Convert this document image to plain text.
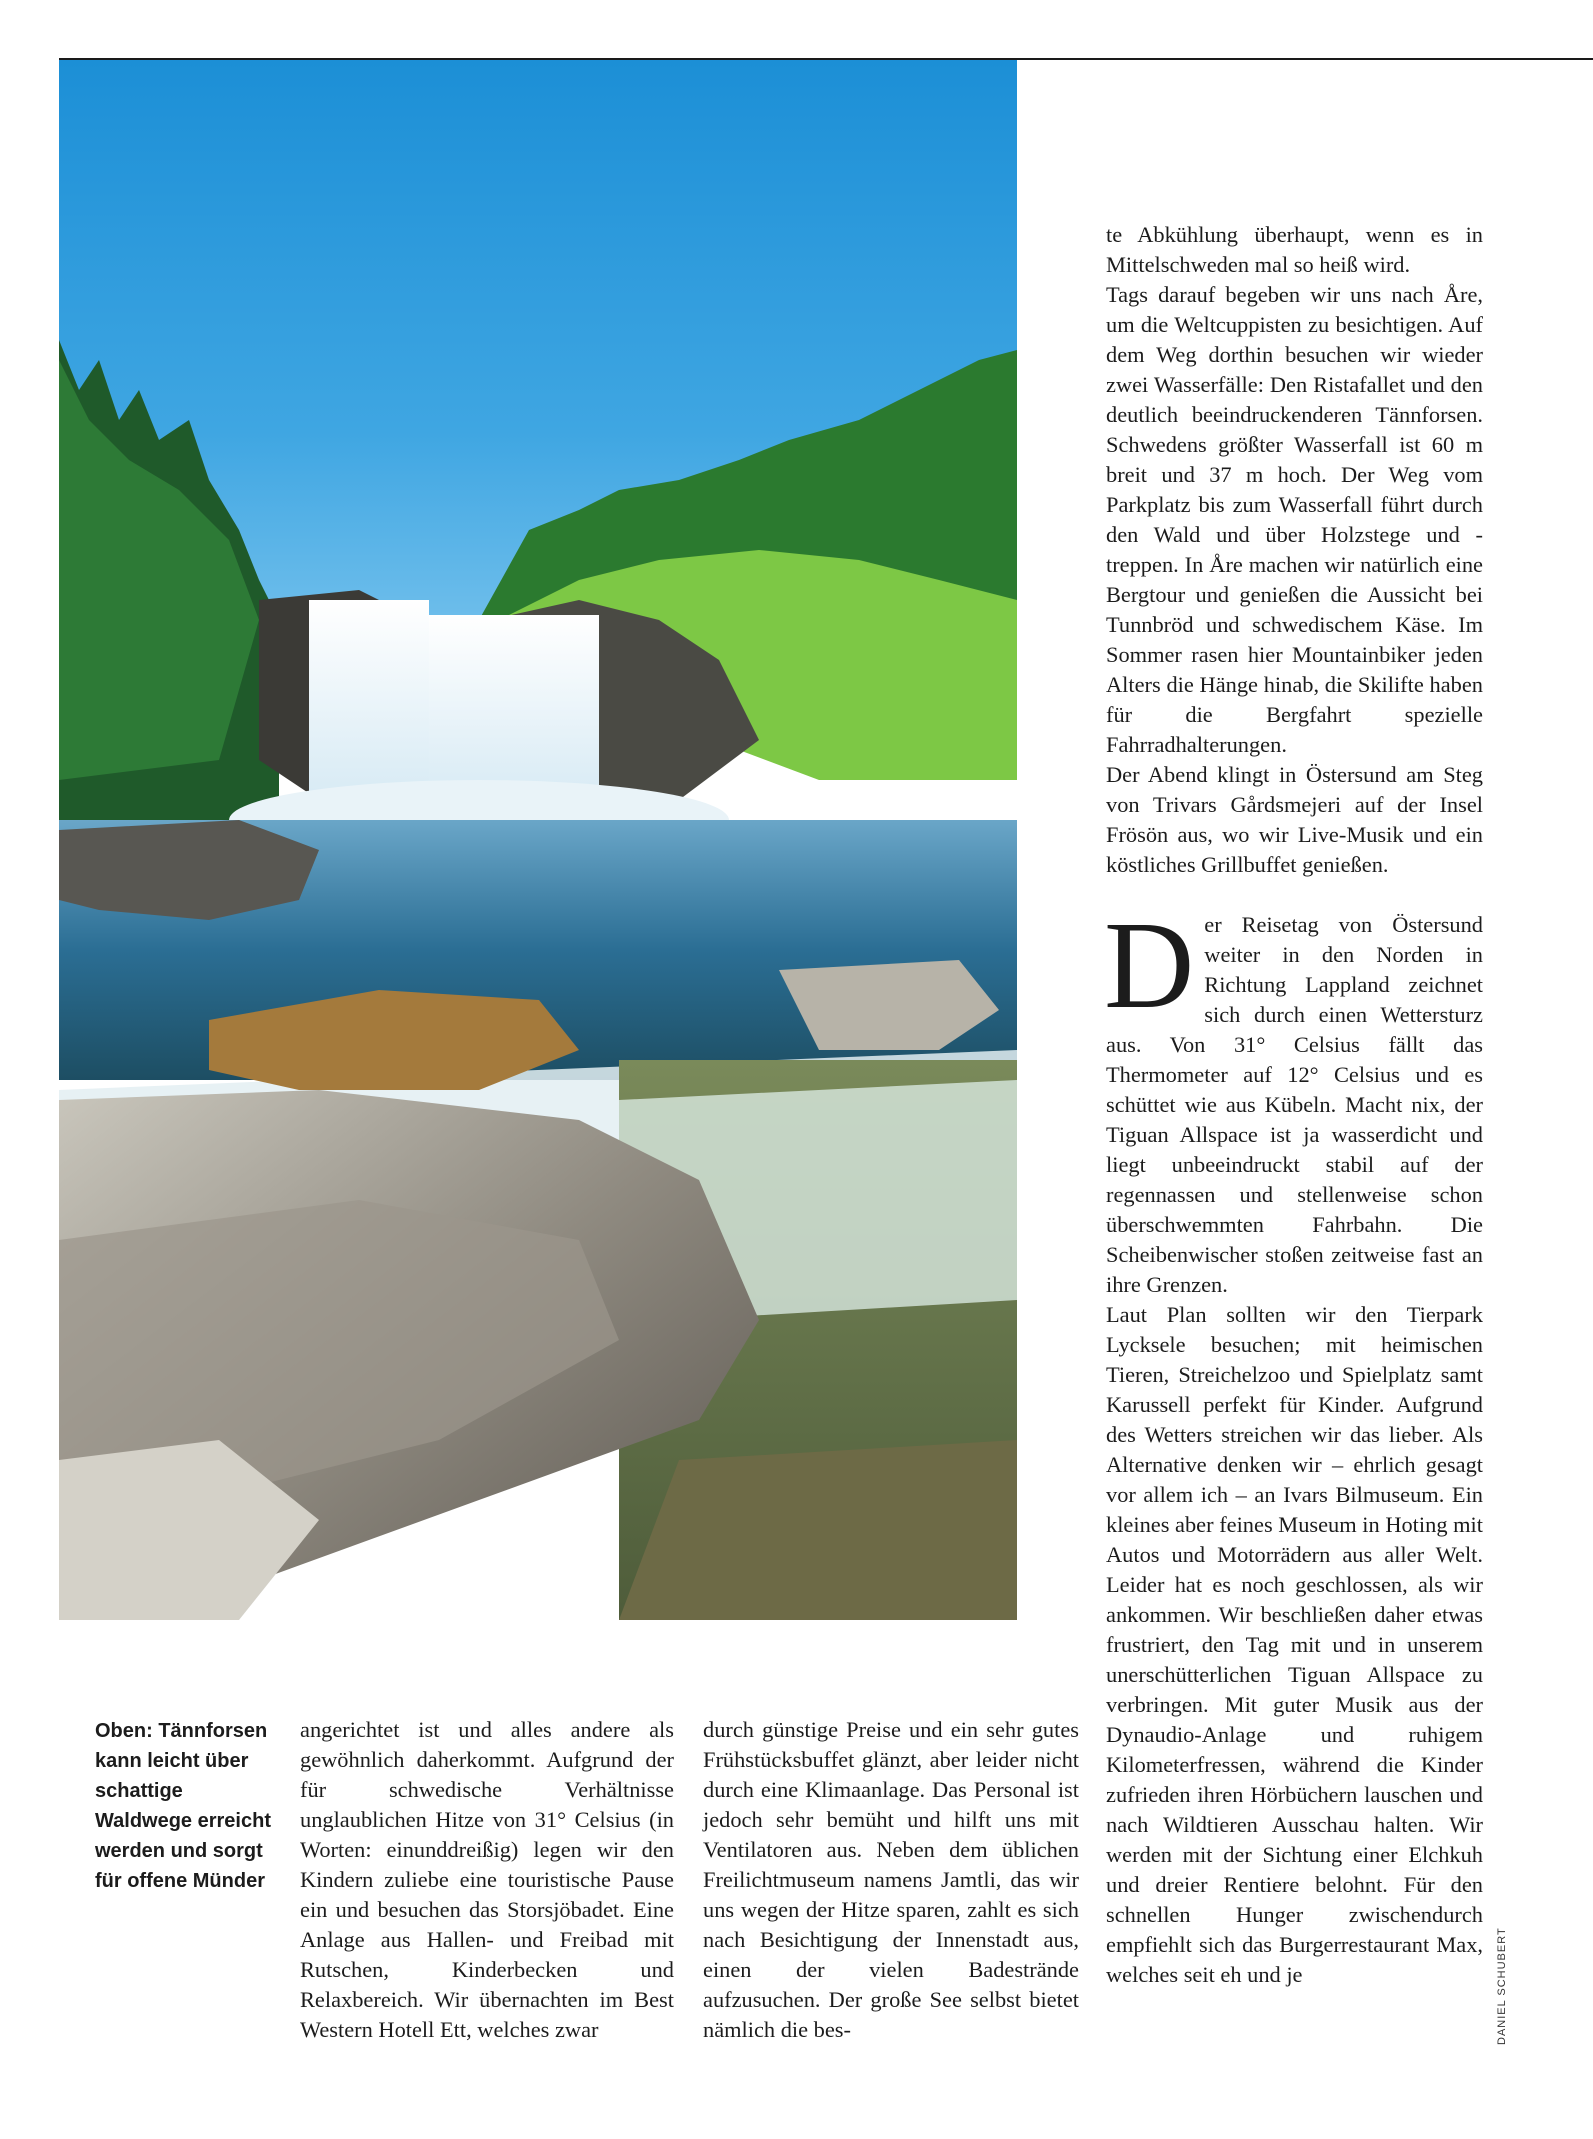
Oben: Tännforsen kann leicht über schattige Waldwege erreicht werden und sorgt für offene Münder

angerichtet ist und alles andere als gewöhnlich daherkommt. Aufgrund der für schwedische Verhältnisse unglaublichen Hitze von 31° Celsius (in Worten: einunddreißig) legen wir den Kindern zuliebe eine touristische Pause ein und besuchen das Storsjöbadet. Eine Anlage aus Hallen- und Freibad mit Rutschen, Kinderbecken und Relaxbereich. Wir übernachten im Best Western Hotell Ett, welches zwar

durch günstige Preise und ein sehr gutes Frühstücksbuffet glänzt, aber leider nicht durch eine Klimaanlage. Das Personal ist jedoch sehr bemüht und hilft uns mit Ventilatoren aus. Neben dem üblichen Freilichtmuseum namens Jamtli, das wir uns wegen der Hitze sparen, zahlt es sich nach Besichtigung der Innenstadt aus, einen der vielen Badestrände aufzusuchen. Der große See selbst bietet nämlich die bes-

te Abkühlung überhaupt, wenn es in Mittelschweden mal so heiß wird.

Tags darauf begeben wir uns nach Åre, um die Weltcuppisten zu besichtigen. Auf dem Weg dorthin besuchen wir wieder zwei Wasserfälle: Den Ristafallet und den deutlich beeindruckenderen Tännforsen. Schwedens größter Wasserfall ist 60 m breit und 37 m hoch. Der Weg vom Parkplatz bis zum Wasserfall führt durch den Wald und über Holzstege und -treppen. In Åre machen wir natürlich eine Bergtour und genießen die Aussicht bei Tunnbröd und schwedischem Käse. Im Sommer rasen hier Mountainbiker jeden Alters die Hänge hinab, die Skilifte haben für die Bergfahrt spezielle Fahrradhalterungen.

Der Abend klingt in Östersund am Steg von Trivars Gårdsmejeri auf der Insel Frösön aus, wo wir Live-Musik und ein köstliches Grillbuffet genießen.

Der Reisetag von Östersund weiter in den Norden in Richtung Lappland zeichnet sich durch einen Wettersturz aus. Von 31° Celsius fällt das Thermometer auf 12° Celsius und es schüttet wie aus Kübeln. Macht nix, der Tiguan Allspace ist ja wasserdicht und liegt unbeeindruckt stabil auf der regennassen und stellenweise schon überschwemmten Fahrbahn. Die Scheibenwischer stoßen zeitweise fast an ihre Grenzen.

Laut Plan sollten wir den Tierpark Lycksele besuchen; mit heimischen Tieren, Streichelzoo und Spielplatz samt Karussell perfekt für Kinder. Aufgrund des Wetters streichen wir das lieber. Als Alternative denken wir – ehrlich gesagt vor allem ich – an Ivars Bilmuseum. Ein kleines aber feines Museum in Hoting mit Autos und Motorrädern aus aller Welt. Leider hat es noch geschlossen, als wir ankommen. Wir beschließen daher etwas frustriert, den Tag mit und in unserem unerschütterlichen Tiguan Allspace zu verbringen. Mit guter Musik aus der Dynaudio-Anlage und ruhigem Kilometerfressen, während die Kinder zufrieden ihren Hörbüchern lauschen und nach Wildtieren Ausschau halten. Wir werden mit der Sichtung einer Elchkuh und dreier Rentiere belohnt. Für den schnellen Hunger zwischendurch empfiehlt sich das Burgerrestaurant Max, welches seit eh und je	DANIEL SCHUBERT
